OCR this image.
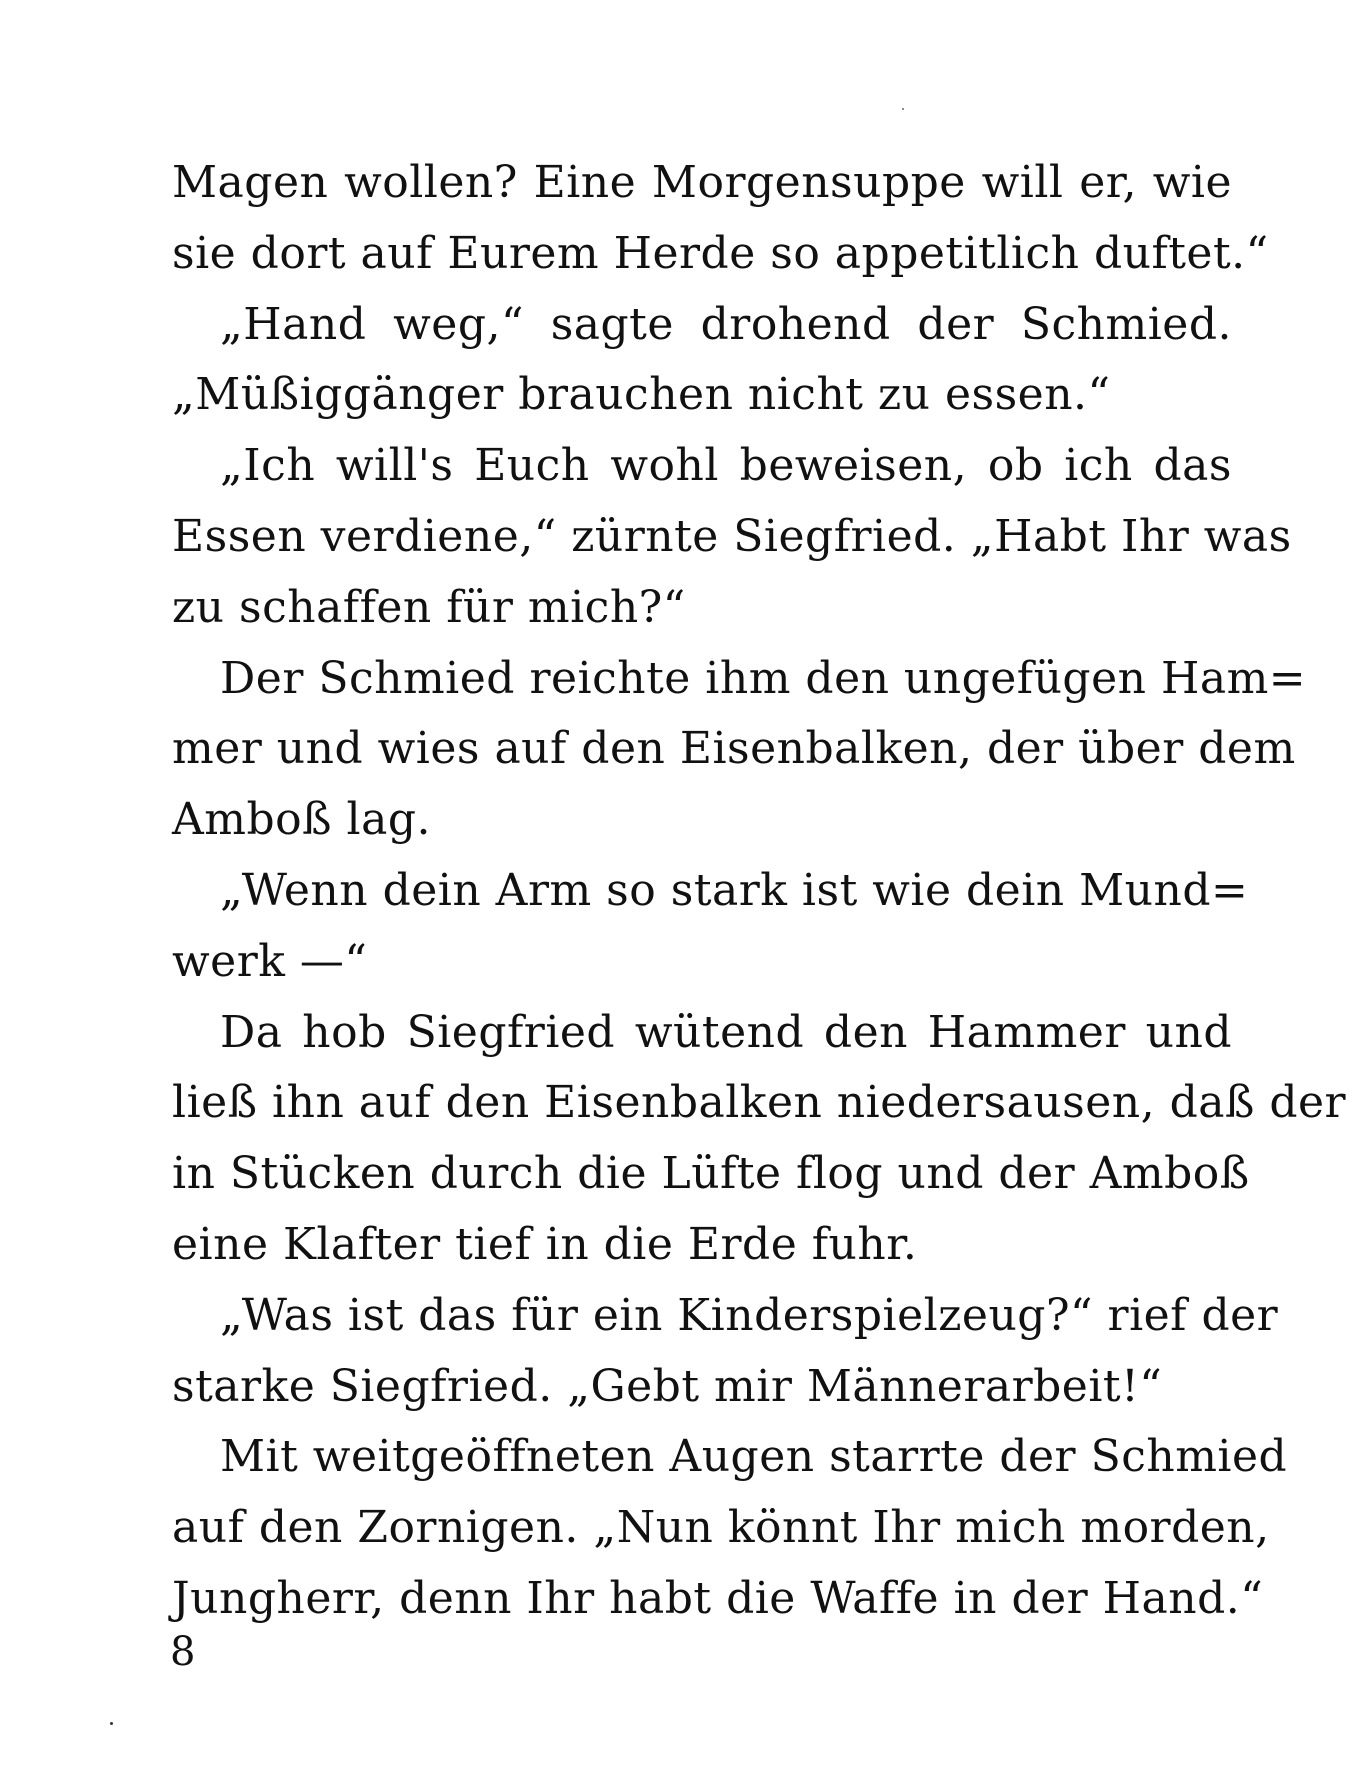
Magen wollen? Eine Morgensuppe will er, wie
sie dort auf Eurem Herde so appetitlich duftet.“
„Hand weg,“ sagte drohend der Schmied.
„Müßiggänger brauchen nicht zu essen.“
„Ich will's Euch wohl beweisen, ob ich das
Essen verdiene,“ zürnte Siegfried. „Habt Ihr was
zu schaffen für mich?“
Der Schmied reichte ihm den ungefügen Ham=
mer und wies auf den Eisenbalken, der über dem
Amboß lag.
„Wenn dein Arm so stark ist wie dein Mund=
werk —“
Da hob Siegfried wütend den Hammer und
ließ ihn auf den Eisenbalken niedersausen, daß der
in Stücken durch die Lüfte flog und der Amboß
eine Klafter tief in die Erde fuhr.
„Was ist das für ein Kinderspielzeug?“ rief der
starke Siegfried. „Gebt mir Männerarbeit!“
Mit weitgeöffneten Augen starrte der Schmied
auf den Zornigen. „Nun könnt Ihr mich morden,
Jungherr, denn Ihr habt die Waffe in der Hand.“
8
